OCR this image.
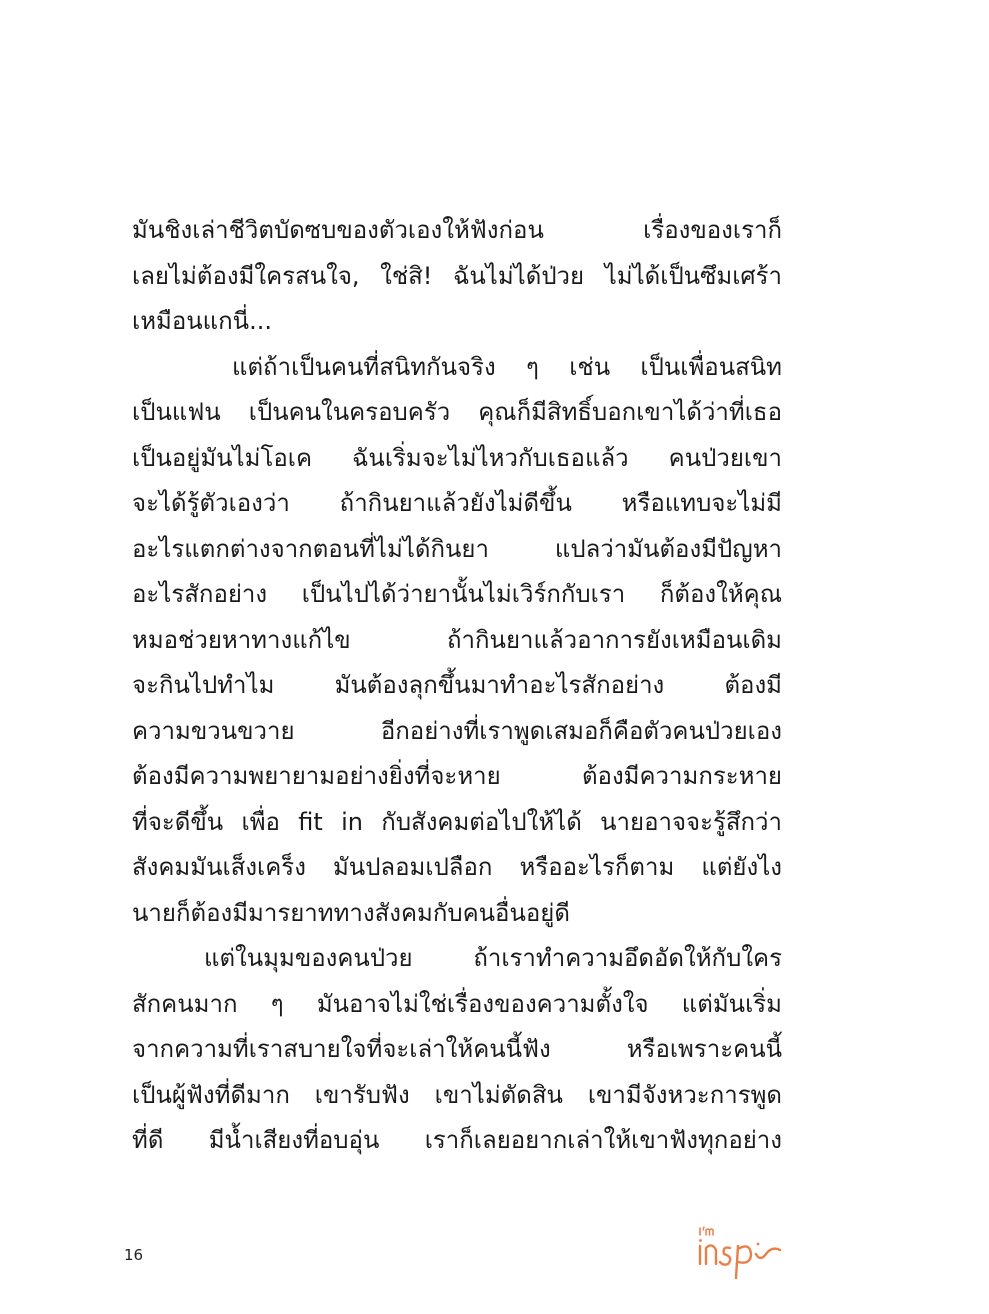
มันชิงเล่าชีวิตบัดซบของตัวเองให้ฟังก่อน เรื่องของเราก็
เลยไม่ต้องมีใครสนใจ, ใช่สิ! ฉันไม่ได้ป่วย ไม่ได้เป็นซึมเศร้า
เหมือนแกนี่...
แต่ถ้าเป็นคนที่สนิทกันจริง ๆ เช่น เป็นเพื่อนสนิท
เป็นแฟน เป็นคนในครอบครัว คุณก็มีสิทธิ์บอกเขาได้ว่าที่เธอ
เป็นอยู่มันไม่โอเค ฉันเริ่มจะไม่ไหวกับเธอแล้ว คนป่วยเขา
จะได้รู้ตัวเองว่า ถ้ากินยาแล้วยังไม่ดีขึ้น หรือแทบจะไม่มี
อะไรแตกต่างจากตอนที่ไม่ได้กินยา แปลว่ามันต้องมีปัญหา
อะไรสักอย่าง เป็นไปได้ว่ายานั้นไม่เวิร์กกับเรา ก็ต้องให้คุณ
หมอช่วยหาทางแก้ไข ถ้ากินยาแล้วอาการยังเหมือนเดิม
จะกินไปทำไม มันต้องลุกขึ้นมาทำอะไรสักอย่าง ต้องมี
ความขวนขวาย อีกอย่างที่เราพูดเสมอก็คือตัวคนป่วยเอง
ต้องมีความพยายามอย่างยิ่งที่จะหาย ต้องมีความกระหาย
ที่จะดีขึ้น เพื่อ fit in กับสังคมต่อไปให้ได้ นายอาจจะรู้สึกว่า
สังคมมันเส็งเคร็ง มันปลอมเปลือก หรืออะไรก็ตาม แต่ยังไง
นายก็ต้องมีมารยาททางสังคมกับคนอื่นอยู่ดี
แต่ในมุมของคนป่วย ถ้าเราทำความอึดอัดให้กับใคร
สักคนมาก ๆ มันอาจไม่ใช่เรื่องของความตั้งใจ แต่มันเริ่ม
จากความที่เราสบายใจที่จะเล่าให้คนนี้ฟัง หรือเพราะคนนี้
เป็นผู้ฟังที่ดีมาก เขารับฟัง เขาไม่ตัดสิน เขามีจังหวะการพูด
ที่ดี มีน้ำเสียงที่อบอุ่น เราก็เลยอยากเล่าให้เขาฟังทุกอย่าง
16
